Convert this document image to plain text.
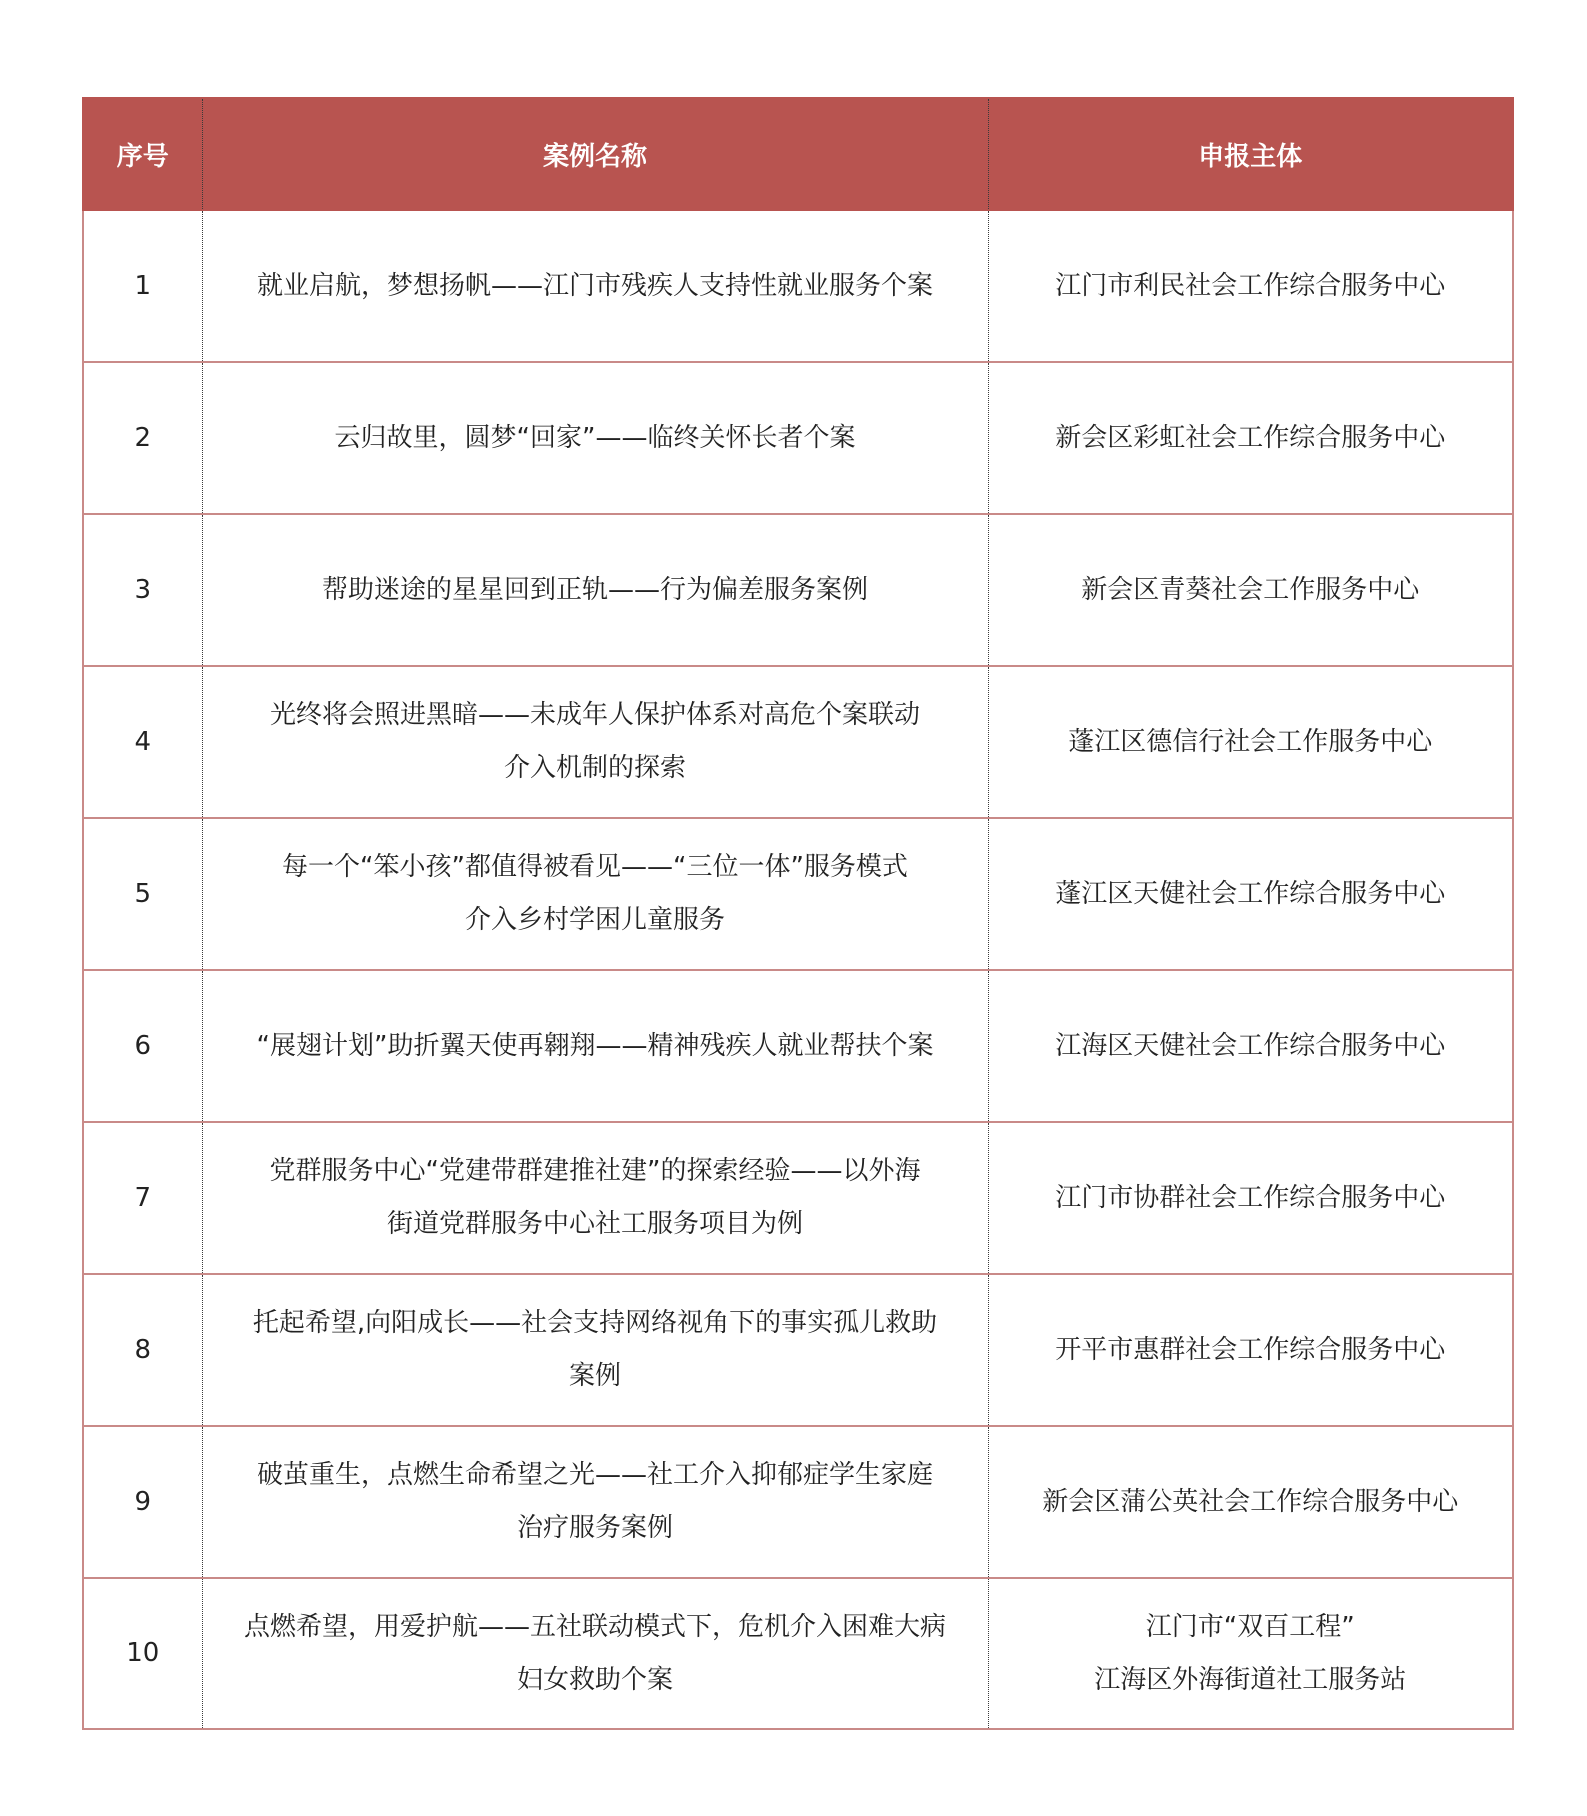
序号	案例名称	申报主体
1	就业启航，梦想扬帆——江门市残疾人支持性就业服务个案	江门市利民社会工作综合服务中心

2	云归故里，圆梦“回家”——临终关怀长者个案	新会区彩虹社会工作综合服务中心

3	帮助迷途的星星回到正轨——行为偏差服务案例	新会区青葵社会工作服务中心

4	光终将会照进黑暗——未成年人保护体系对高危个案联动
介入机制的探索	蓬江区德信行社会工作服务中心

5	每一个“笨小孩”都值得被看见——“三位一体”服务模式
介入乡村学困儿童服务	蓬江区天健社会工作综合服务中心

6	“展翅计划”助折翼天使再翱翔——精神残疾人就业帮扶个案	江海区天健社会工作综合服务中心

7	党群服务中心“党建带群建推社建”的探索经验——以外海
街道党群服务中心社工服务项目为例	江门市协群社会工作综合服务中心

8	托起希望,向阳成长——社会支持网络视角下的事实孤儿救助
案例	开平市惠群社会工作综合服务中心

9	破茧重生，点燃生命希望之光——社工介入抑郁症学生家庭
治疗服务案例	新会区蒲公英社会工作综合服务中心

10	点燃希望，用爱护航——五社联动模式下，危机介入困难大病
妇女救助个案	江门市“双百工程”
江海区外海街道社工服务站
